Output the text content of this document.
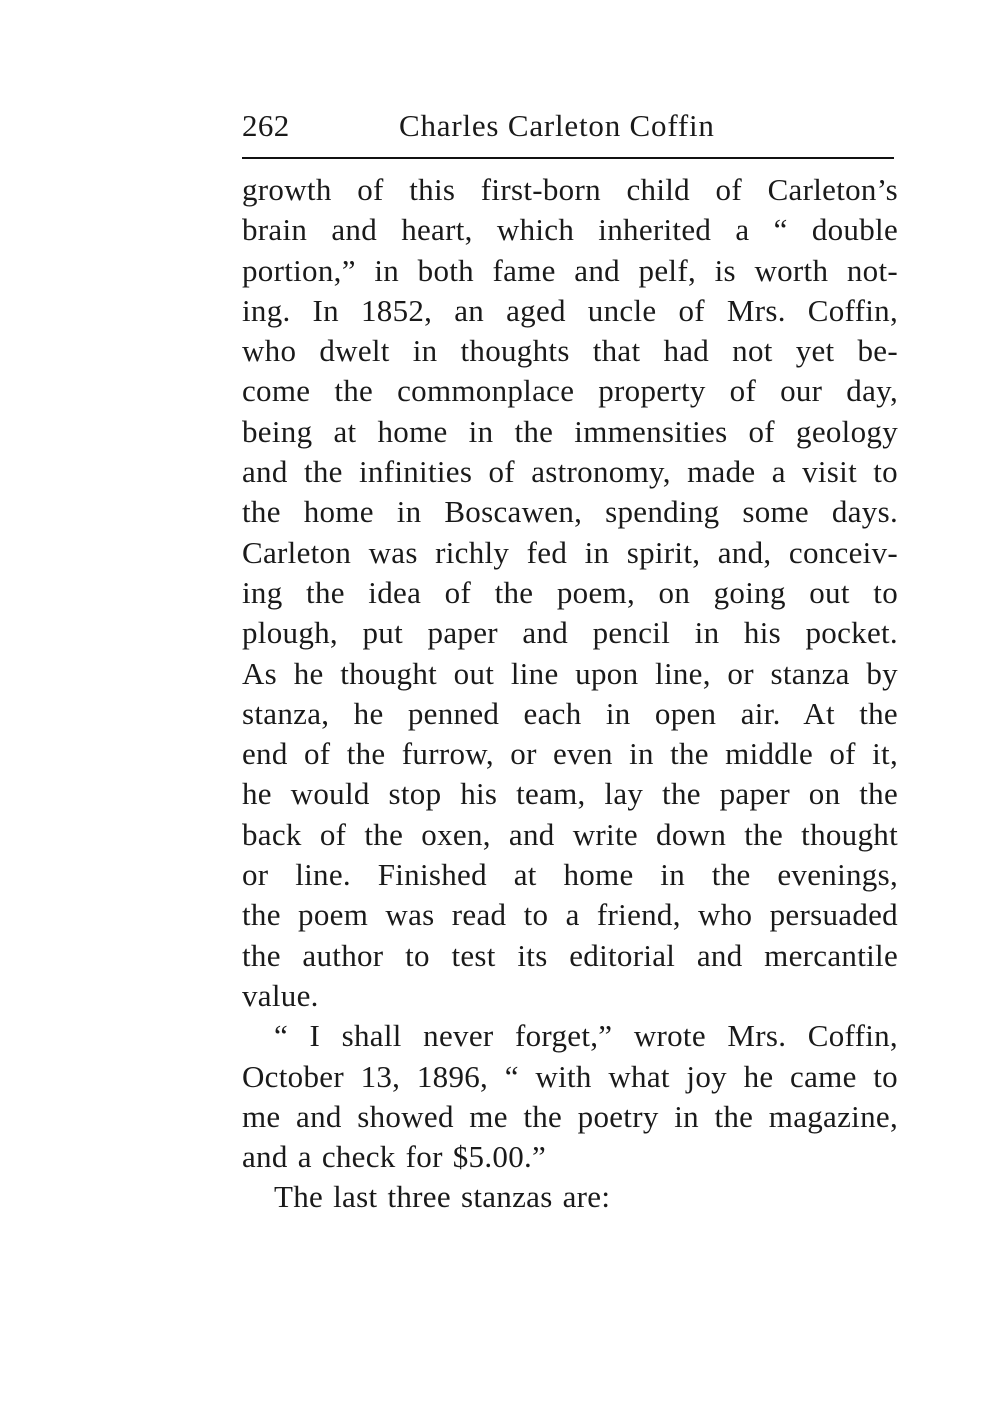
262	Charles Carleton Coffin
growth of this first-born child of Carleton’s
brain and heart, which inherited a “ double
portion,” in both fame and pelf, is worth not-
ing. In 1852, an aged uncle of Mrs. Coffin,
who dwelt in thoughts that had not yet be-
come the commonplace property of our day,
being at home in the immensities of geology
and the infinities of astronomy, made a visit to
the home in Boscawen, spending some days.
Carleton was richly fed in spirit, and, conceiv-
ing the idea of the poem, on going out to
plough, put paper and pencil in his pocket.
As he thought out line upon line, or stanza by
stanza, he penned each in open air. At the
end of the furrow, or even in the middle of it,
he would stop his team, lay the paper on the
back of the oxen, and write down the thought
or line. Finished at home in the evenings,
the poem was read to a friend, who persuaded
the author to test its editorial and mercantile
value.
“ I shall never forget,” wrote Mrs. Coffin,
October 13, 1896, “ with what joy he came to
me and showed me the poetry in the magazine,
and a check for $5.00.”
The last three stanzas are:
